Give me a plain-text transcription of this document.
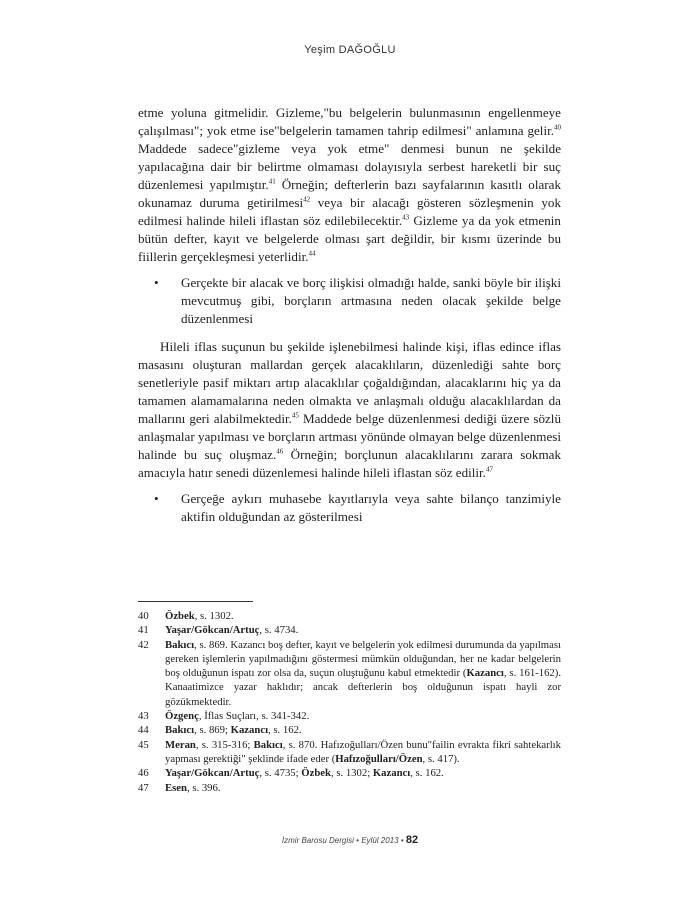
Yeşim DAĞOĞLU

etme yoluna gitmelidir. Gizleme,"bu belgelerin bulunmasının engellenmeye çalışılması"; yok etme ise"belgelerin tamamen tahrip edilmesi" anlamına gelir.$^{40}$ Maddede sadece"gizleme veya yok etme" denmesi bunun ne şekilde yapılacağına dair bir belirtme olmaması dolayısıyla serbest hareketli bir suç düzenlemesi yapılmıştır.$^{41}$ Örneğin; defterlerin bazı sayfalarının kasıtlı olarak okunamaz duruma getirilmesi$^{42}$ veya bir alacağı gösteren sözleşmenin yok edilmesi halinde hileli iflastan söz edilebilecektir.$^{43}$ Gizleme ya da yok etmenin bütün defter, kayıt ve belgelerde olması şart değildir, bir kısmı üzerinde bu fiillerin gerçekleşmesi yeterlidir.$^{44}$

• Gerçekte bir alacak ve borç ilişkisi olmadığı halde, sanki böyle bir ilişki mevcutmuş gibi, borçların artmasına neden olacak şekilde belge düzenlenmesi

Hileli iflas suçunun bu şekilde işlenebilmesi halinde kişi, iflas edince iflas masasını oluşturan mallardan gerçek alacaklıların, düzenlediği sahte borç senetleriyle pasif miktarı artıp alacaklılar çoğaldığından, alacaklarını hiç ya da tamamen alamamalarına neden olmakta ve anlaşmalı olduğu alacaklılardan da mallarını geri alabilmektedir.$^{45}$ Maddede belge düzenlenmesi dediği üzere sözlü anlaşmalar yapılması ve borçların artması yönünde olmayan belge düzenlenmesi halinde bu suç oluşmaz.$^{46}$ Örneğin; borçlunun alacaklılarını zarara sokmak amacıyla hatır senedi düzenlemesi halinde hileli iflastan söz edilir.$^{47}$

• Gerçeğe aykırı muhasebe kayıtlarıyla veya sahte bilanço tanzimiyle aktifin olduğundan az gösterilmesi

40	Özbek, s. 1302.
41	Yaşar/Gökcan/Artuç, s. 4734.
42	Bakıcı, s. 869. Kazancı boş defter, kayıt ve belgelerin yok edilmesi durumunda da yapılması gereken işlemlerin yapılmadığını göstermesi mümkün olduğundan, her ne kadar belgelerin boş olduğunun ispatı zor olsa da, suçun oluştuğunu kabul etmektedir (Kazancı, s. 161-162). Kanaatimizce yazar haklıdır; ancak defterlerin boş olduğunun ispatı hayli zor gözükmektedir.
43	Özgenç, İflas Suçları, s. 341-342.
44	Bakıcı, s. 869; Kazancı, s. 162.
45	Meran, s. 315-316; Bakıcı, s. 870. Hafızoğulları/Özen bunu"failin evrakta fikri sahtekarlık yapması gerektiği" şeklinde ifade eder (Hafızoğulları/Özen, s. 417).
46	Yaşar/Gökcan/Artuç, s. 4735; Özbek, s. 1302; Kazancı, s. 162.
47	Esen, s. 396.
İzmir Barosu Dergisi • Eylül 2013 • 82
